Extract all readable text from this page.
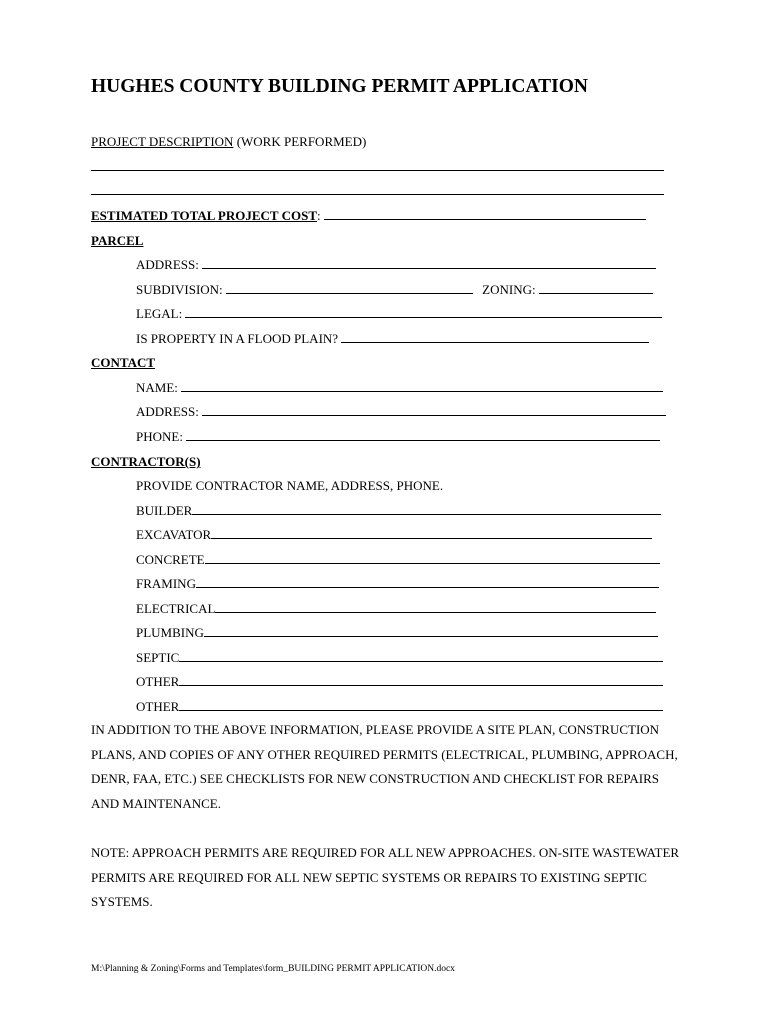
HUGHES COUNTY BUILDING PERMIT APPLICATION
PROJECT DESCRIPTION (WORK PERFORMED)
ESTIMATED TOTAL PROJECT COST:
PARCEL
ADDRESS:
SUBDIVISION:	ZONING:
LEGAL:
IS PROPERTY IN A FLOOD PLAIN?
CONTACT
NAME:
ADDRESS:
PHONE:
CONTRACTOR(S)
PROVIDE CONTRACTOR NAME, ADDRESS, PHONE.
BUILDER
EXCAVATOR
CONCRETE
FRAMING
ELECTRICAL
PLUMBING
SEPTIC
OTHER
OTHER
IN ADDITION TO THE ABOVE INFORMATION, PLEASE PROVIDE A SITE PLAN, CONSTRUCTION PLANS, AND COPIES OF ANY OTHER REQUIRED PERMITS (ELECTRICAL, PLUMBING, APPROACH, DENR, FAA, ETC.) SEE CHECKLISTS FOR NEW CONSTRUCTION AND CHECKLIST FOR REPAIRS AND MAINTENANCE.
NOTE: APPROACH PERMITS ARE REQUIRED FOR ALL NEW APPROACHES. ON-SITE WASTEWATER PERMITS ARE REQUIRED FOR ALL NEW SEPTIC SYSTEMS OR REPAIRS TO EXISTING SEPTIC SYSTEMS.
M:\Planning & Zoning\Forms and Templates\form_BUILDING PERMIT APPLICATION.docx
